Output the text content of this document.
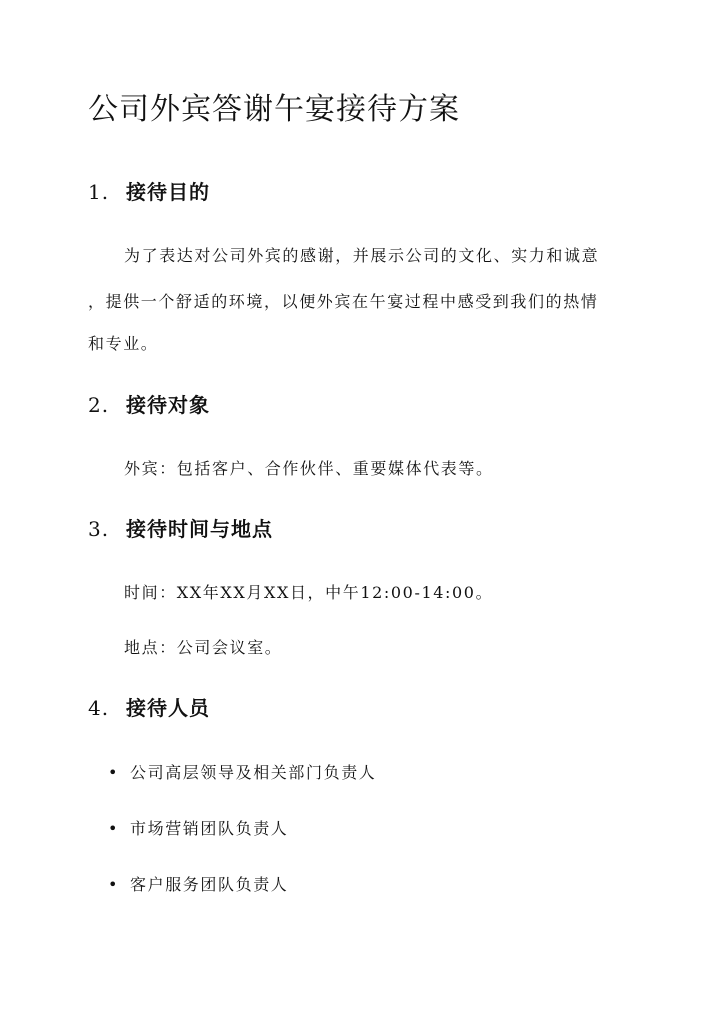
公司外宾答谢午宴接待方案
1. 接待目的

为了表达对公司外宾的感谢，并展示公司的文化、实力和诚意

，提供一个舒适的环境，以便外宾在午宴过程中感受到我们的热情

和专业。

2. 接待对象

外宾：包括客户、合作伙伴、重要媒体代表等。

3. 接待时间与地点

时间：XX年XX月XX日，中午12:00-14:00。

地点：公司会议室。

4. 接待人员
• 公司高层领导及相关部门负责人
• 市场营销团队负责人
• 客户服务团队负责人
